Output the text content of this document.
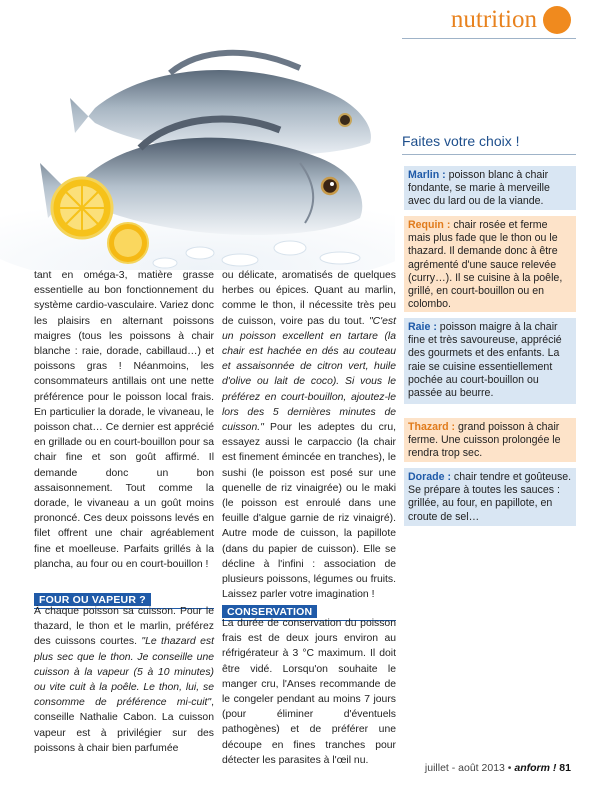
nutrition

tant en oméga-3, matière grasse essentielle au bon fonctionnement du système cardio-vasculaire. Variez donc les plaisirs en alternant poissons maigres (tous les poissons à chair blanche : raie, dorade, cabillaud…) et poissons gras ! Néanmoins, les consommateurs antillais ont une nette préférence pour le poisson local frais. En particulier la dorade, le vivaneau, le poisson chat… Ce dernier est apprécié en grillade ou en court-bouillon pour sa chair fine et son goût affirmé. Il demande donc un bon assaisonnement. Tout comme la dorade, le vivaneau a un goût moins prononcé. Ces deux poissons levés en filet offrent une chair agréablement fine et moelleuse. Parfaits grillés à la plancha, au four ou en court-bouillon !

ou délicate, aromatisés de quelques herbes ou épices. Quant au marlin, comme le thon, il nécessite très peu de cuisson, voire pas du tout. "C'est un poisson excellent en tartare (la chair est hachée en dés au couteau et assaisonnée de citron vert, huile d'olive ou lait de coco). Si vous le préférez en court-bouillon, ajoutez-le lors des 5 dernières minutes de cuisson." Pour les adeptes du cru, essayez aussi le carpaccio (la chair est finement émincée en tranches), le sushi (le poisson est posé sur une quenelle de riz vinaigrée) ou le maki (le poisson est enroulé dans une feuille d'algue garnie de riz vinaigré). Autre mode de cuisson, la papillote (dans du papier de cuisson). Elle se décline à l'infini : association de plusieurs poissons, légumes ou fruits. Laissez parler votre imagination !

FOUR OU VAPEUR ?

À chaque poisson sa cuisson. Pour le thazard, le thon et le marlin, préférez des cuissons courtes. "Le thazard est plus sec que le thon. Je conseille une cuisson à la vapeur (5 à 10 minutes) ou vite cuit à la poêle. Le thon, lui, se consomme de préférence mi-cuit", conseille Nathalie Cabon. La cuisson vapeur est à privilégier sur des poissons à chair bien parfumée

CONSERVATION

La durée de conservation du poisson frais est de deux jours environ au réfrigérateur à 3 °C maximum. Il doit être vidé. Lorsqu'on souhaite le manger cru, l'Anses recommande de le congeler pendant au moins 7 jours (pour éliminer d'éventuels pathogènes) et de préférer une découpe en fines tranches pour détecter les parasites à l'œil nu.

Faites votre choix !
Marlin : poisson blanc à chair fondante, se marie à merveille avec du lard ou de la viande.
Requin : chair rosée et ferme mais plus fade que le thon ou le thazard. Il demande donc à être agrémenté d'une sauce relevée (curry…). Il se cuisine à la poêle, grillé, en court-bouillon ou en colombo.
Raie : poisson maigre à la chair fine et très savoureuse, apprécié des gourmets et des enfants. La raie se cuisine essentiellement pochée au court-bouillon ou passée au beurre.
Thazard : grand poisson à chair ferme. Une cuisson prolongée le rendra trop sec.
Dorade : chair tendre et goûteuse. Se prépare à toutes les sauces : grillée, au four, en papillote, en croute de sel…
juillet - août 2013 • anform ! 81
